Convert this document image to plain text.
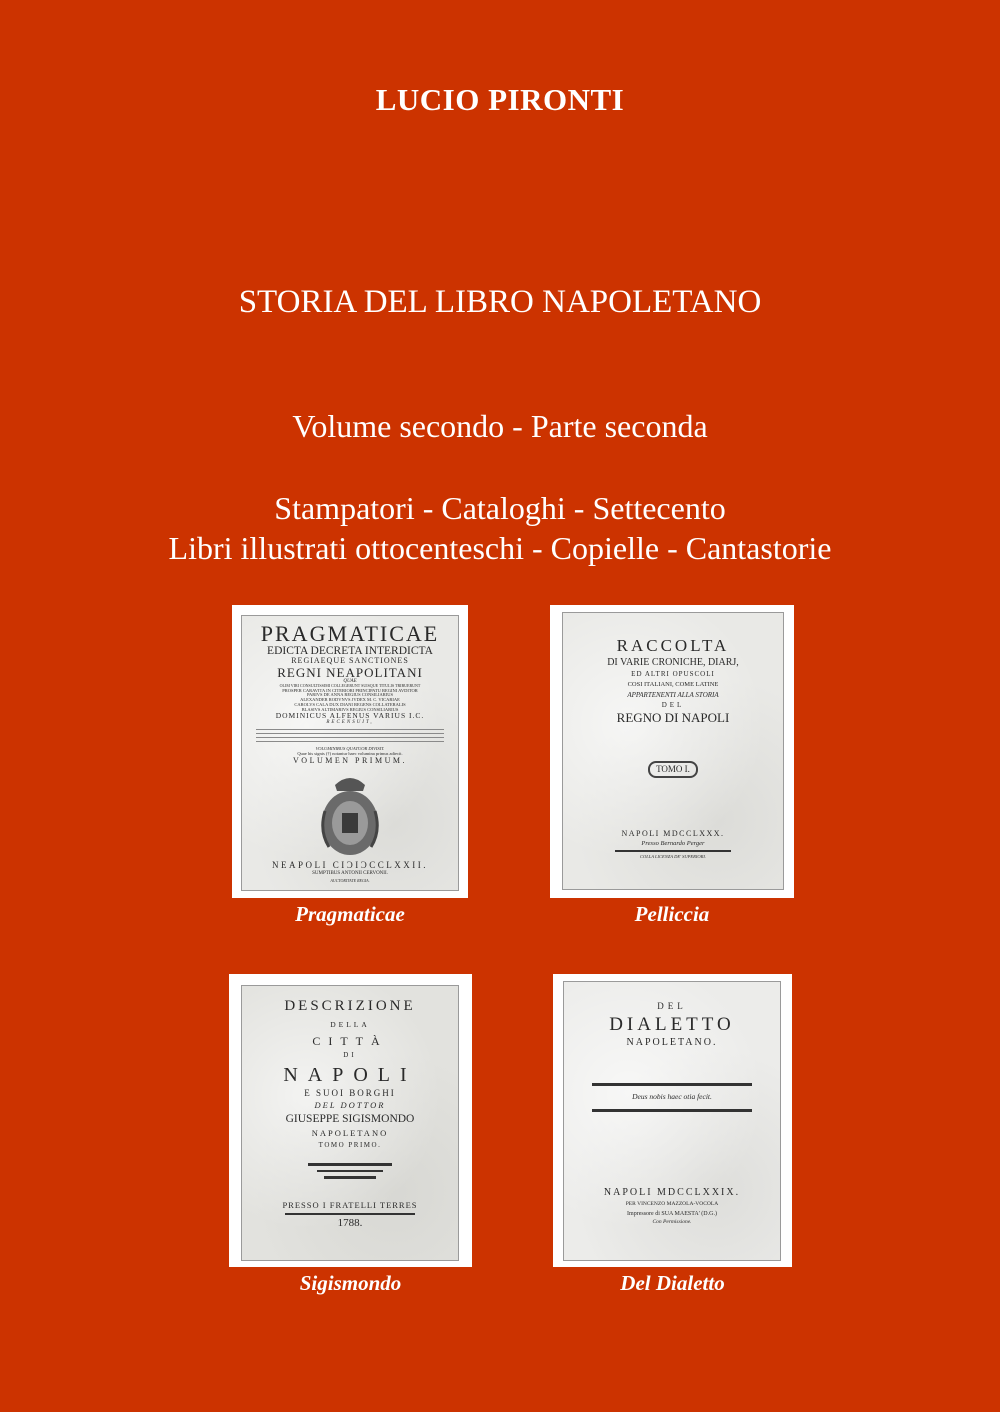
LUCIO PIRONTI
STORIA DEL LIBRO NAPOLETANO
Volume secondo - Parte seconda
Stampatori - Cataloghi - Settecento
Libri illustrati ottocenteschi - Copielle - Cantastorie
PRAGMATICAE
EDICTA DECRETA INTERDICTA
REGIAEQUE SANCTIONES
REGNI NEAPOLITANI
QUAE
OLIM VIRI CONSULTISSIMI COLLEGERUNT SUISQUE TITULIS TRIBUERUNT
PROSPER CARAVITA IN CITERIORI PRINCIPATU REGINI AVDITOR
PARIVS DE ANNA REGIUS CONSILIARIUS
ALEXANDER RODVNVS JVDEX M. C. VICARIAE
CAROLVS CALA DUX DIANI REGENS COLLATERALIS
BLASIVS ALTIMARIVS REGIUS CONSILIARIUS
DOMINICUS ALFENUS VARIUS I.C.
RECENSUIT,
VOLUMINIBUS QUATUOR DIVISIT.
Quae his signis (†) notantur haec volumina primus adiecit.
VOLUMEN PRIMUM.
NEAPOLI CIƆIƆCCLXXII.
SUMPTIBUS ANTONII CERVONII.
AUCTORITATE REGIA.
Pragmaticae
RACCOLTA
DI VARIE CRONICHE, DIARJ,
ED ALTRI OPUSCOLI
COSI ITALIANI, COME LATINE
APPARTENENTI ALLA STORIA
DEL
REGNO DI NAPOLI
TOMO I.
NAPOLI MDCCLXXX.
Presso Bernardo Perger
COLLA LICENZA DE' SUPERIORI.
Pelliccia
DESCRIZIONE
DELLA
CITTÀ
DI
NAPOLI
E SUOI BORGHI
DEL DOTTOR
GIUSEPPE SIGISMONDO
NAPOLETANO
TOMO PRIMO.
PRESSO I FRATELLI TERRES
1788.
Sigismondo
DEL
DIALETTO
NAPOLETANO.
Deus nobis haec otia fecit.
NAPOLI MDCCLXXIX.
PER VINCENZO MAZZOLA-VOCOLA
Impressore di SUA MAESTA' (D.G.)
Con Permissione.
Del Dialetto
